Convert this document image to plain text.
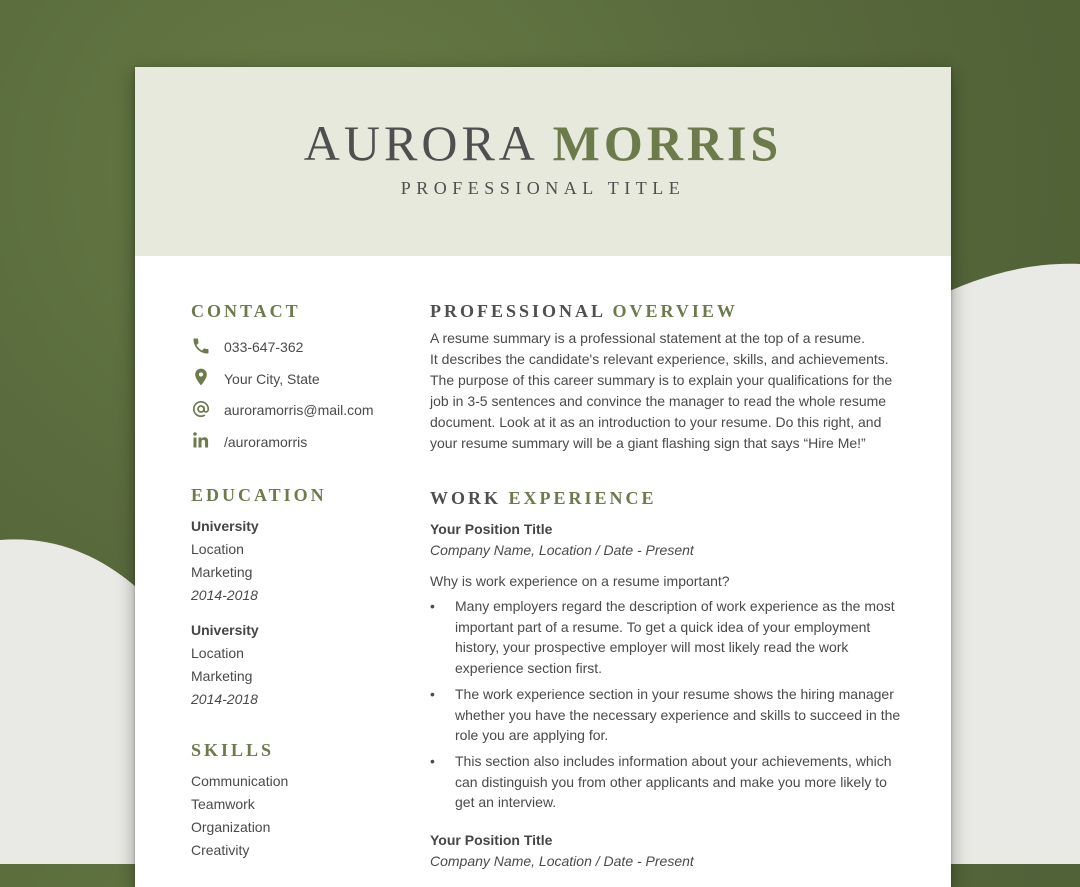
AURORA MORRIS
PROFESSIONAL TITLE
CONTACT
033-647-362
Your City, State
auroramorris@mail.com
/auroramorris
EDUCATION
University
Location
Marketing
2014-2018
University
Location
Marketing
2014-2018
SKILLS
Communication
Teamwork
Organization
Creativity
PROFESSIONAL OVERVIEW
A resume summary is a professional statement at the top of a resume.
It describes the candidate's relevant experience, skills, and achievements.
The purpose of this career summary is to explain your qualifications for the
job in 3-5 sentences and convince the manager to read the whole resume
document. Look at it as an introduction to your resume. Do this right, and
your resume summary will be a giant flashing sign that says “Hire Me!”
WORK EXPERIENCE
Your Position Title
Company Name, Location / Date - Present
Why is work experience on a resume important?
•	Many employers regard the description of work experience as the most
important part of a resume. To get a quick idea of your employment
history, your prospective employer will most likely read the work
experience section first.
•	The work experience section in your resume shows the hiring manager
whether you have the necessary experience and skills to succeed in the
role you are applying for.
•	This section also includes information about your achievements, which
can distinguish you from other applicants and make you more likely to
get an interview.
Your Position Title
Company Name, Location / Date - Present
